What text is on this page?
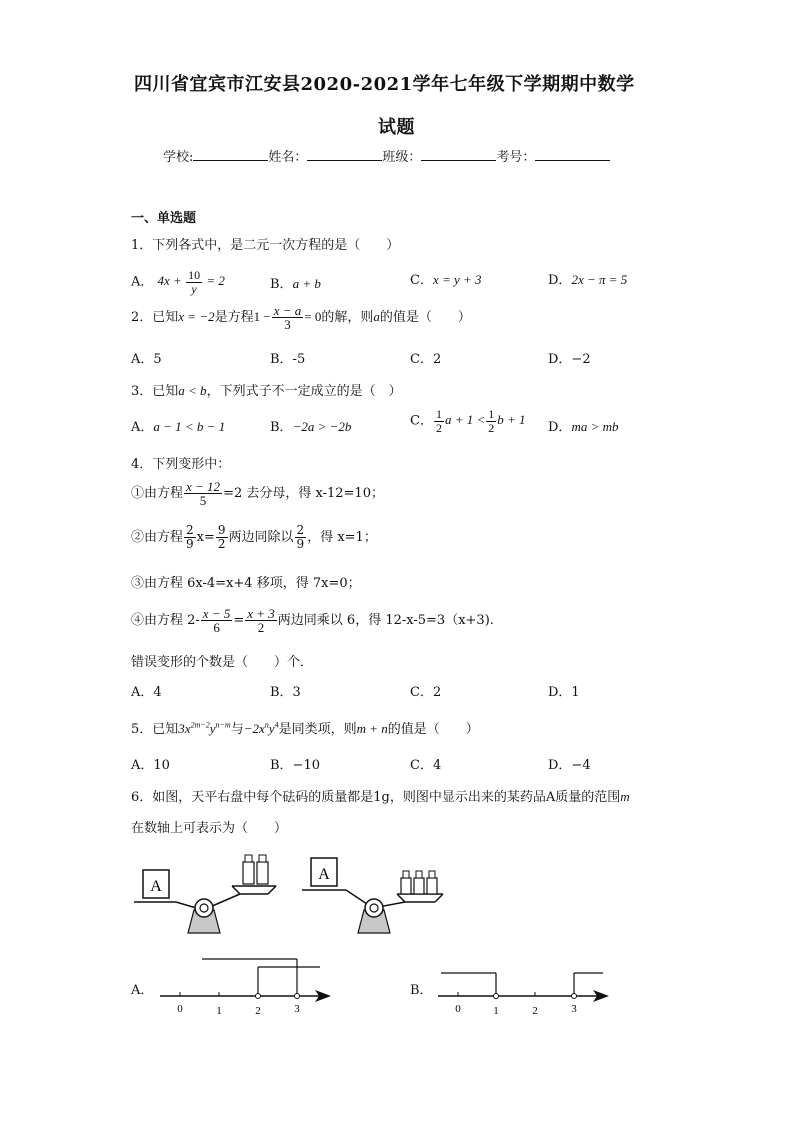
四川省宜宾市江安县2020-2021学年七年级下学期期中数学
试题
学校:	姓名：	班级：	考号：
一、单选题
1．下列各式中，是二元一次方程的是（　　）
A． $4x + \frac{10}{y} = 2$	B．a + b	C．x = y + 3	D．2x − π = 5
2．已知x = −2是方程$1 - \frac{x - a}{3} = 0$的解，则a的值是（　　）
A．5	B．-5	C．2	D．−2
3．已知a < b，下列式子不一定成立的是（　）
A．a − 1 < b − 1	B．−2a > −2b	C． $\frac{1}{2}$ $a + 1 < \frac{1}{2}$ b + 1
D．ma > mb
4．下列变形中：
①由方程 $\frac{x - 12}{5} =2$ 去分母，得 x-12=10；
②由方程 $\frac{2}{9} x= \frac{9}{2}$ 两边同除以 $\frac{2}{9}$ ，得 x=1；
③由方程 6x-4=x+4 移项，得 7x=0；
④由方程 $2- \frac{x - 5}{6} = \frac{x + 3}{2}$ 两边同乘以 6，得 12-x-5=3（x+3).
错误变形的个数是（　　）个．
A．4	B．3	C．2	D．1
5．已知$3x^{2m-2}y^{n-m}$与$-2x^ny^4$是同类项，则m + n的值是（　　）
A．10	B．−10	C．4	D．−4
6．如图，天平右盘中每个砝码的质量都是1g，则图中显示出来的某药品A质量的范围m
在数轴上可表示为（　　）
A
A
A．
0	1	2	3
B．
0	1	2	3
